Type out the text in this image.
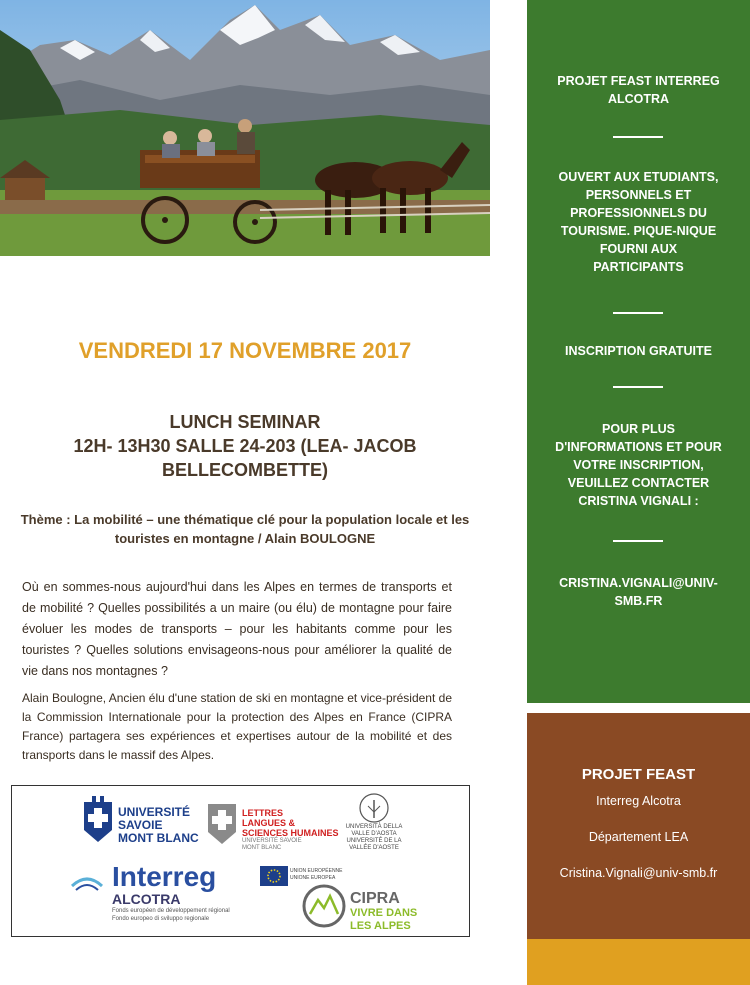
VENDREDI 17 NOVEMBRE 2017
LUNCH SEMINAR
12H- 13H30 SALLE 24-203 (LEA- JACOB
BELLECOMBETTE)
Thème : La mobilité – une thématique clé pour la population locale et les
touristes en montagne / Alain BOULOGNE
Où en sommes-nous aujourd'hui dans les Alpes en termes de transports et de mobilité ? Quelles possibilités a un maire (ou élu) de montagne pour faire évoluer les modes de transports – pour les habitants comme pour les touristes ? Quelles solutions envisageons-nous pour améliorer la qualité de vie dans nos montagnes ?
Alain Boulogne, Ancien élu d'une station de ski en montagne et vice-président de la Commission Internationale pour la protection des Alpes en France (CIPRA France) partagera ses expériences et expertises autour de la mobilité et des transports dans le massif des Alpes.
UNIVERSITÉ
SAVOIE
MONT BLANC
LETTRES
LANGUES &
SCIENCES HUMAINES
UNIVERSITÉ SAVOIE
MONT BLANC
UNIVERSITÀ DELLA
VALLE D'AOSTA
UNIVERSITÉ DE LA
VALLÉE D'AOSTE
Interreg
ALCOTRA
Fonds européen de développement régional
Fondo europeo di sviluppo regionale
UNION EUROPÉENNE
UNIONE EUROPEA
CIPRA
VIVRE DANS
LES ALPES
PROJET FEAST INTERREG
ALCOTRA
OUVERT AUX ETUDIANTS,
PERSONNELS ET
PROFESSIONNELS DU
TOURISME. PIQUE-NIQUE
FOURNI AUX
PARTICIPANTS
INSCRIPTION GRATUITE
POUR PLUS
D'INFORMATIONS ET POUR
VOTRE INSCRIPTION,
VEUILLEZ CONTACTER
CRISTINA VIGNALI :
CRISTINA.VIGNALI@UNIV-
SMB.FR
PROJET FEAST
Interreg Alcotra
Département LEA
Cristina.Vignali@univ-smb.fr
